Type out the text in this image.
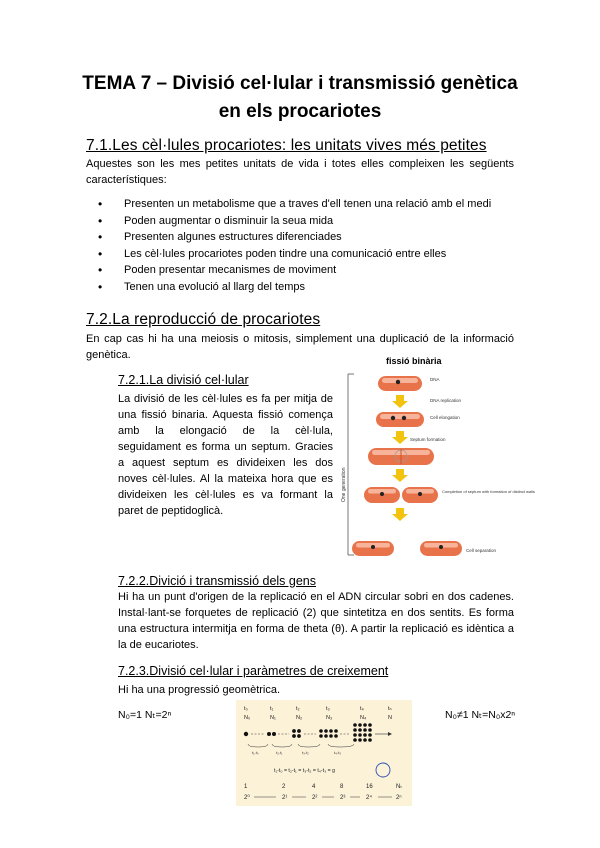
TEMA 7 – Divisió cel·lular i transmissió genètica en els procariotes
7.1.Les cèl·lules procariotes: les unitats vives més petites
Aquestes son les mes petites unitats de vida i totes elles compleixen les següents característiques:
• Presenten un metabolisme que a traves d'ell tenen una relació amb el medi
• Poden augmentar o disminuir la seua mida
• Presenten algunes estructures diferenciades
• Les cèl·lules procariotes poden tindre una comunicació entre elles
• Poden presentar mecanismes de moviment
• Tenen una evolució al llarg del temps
7.2.La reproducció de procariotes
En cap cas hi ha una meiosis o mitosis, simplement una duplicació de la informació genètica.
7.2.1.La divisió cel·lular
La divisió de les cèl·lules es fa per mitja de una fissió binaria. Aquesta fissió comença amb la elongació de la cèl·lula, seguidament es forma un septum. Gracies a aquest septum es divideixen les dos noves cèl·lules. Al la mateixa hora que es divideixen les cèl·lules es va formant la paret de peptidoglicà.
fissió binària
One generation
DNA
DNA replication
Cell elongation
Septum formation
Completion of septum with formation of distinct walls
Cell separation
7.2.2.Divició i transmissió dels gens
Hi ha un punt d'origen de la replicació en el ADN circular sobri en dos cadenes. Instal·lant-se forquetes de replicació (2) que sintetitza en dos sentits. Es forma una estructura intermitja en forma de theta (θ). A partir la replicació es idèntica a la de eucariotes.
7.2.3.Divisió cel·lular i paràmetres de creixement
Hi ha una progressió geomètrica.
N₀=1 Nₜ=2ⁿ	N₀≠1 Nₜ=N₀x2ⁿ
t₀	t₁	t₂	t₃	t₄	tₙ
N₀	N₁	N₂	N₃	N₄	N
t₁-t₀	t₂-t₁	t₃-t₂	t₄-t₃
t₁-t₀ = t₂-t₁ = t₃-t₂ = t₄-t₃ = g
1	2	4	8	16	Nₜ
2⁰	2¹	2²	2³	2⁴	2ⁿ
